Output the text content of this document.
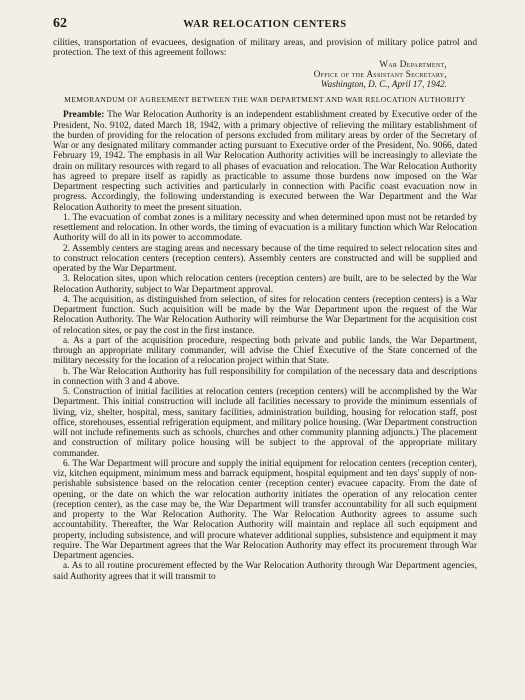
62	WAR RELOCATION CENTERS

cilities, transportation of evacuees, designation of military areas, and provision of military police patrol and protection. The text of this agreement follows:

War Department,
Office of the Assistant Secretary,
Washington, D. C., April 17, 1942.
MEMORANDUM OF AGREEMENT BETWEEN THE WAR DEPARTMENT AND WAR RELOCATION AUTHORITY

Preamble: The War Relocation Authority is an independent establishment created by Executive order of the President, No. 9102, dated March 18, 1942, with a primary objective of relieving the military establishment of the burden of providing for the relocation of persons excluded from military areas by order of the Secretary of War or any designated military commander acting pursuant to Executive order of the President, No. 9066, dated February 19, 1942. The emphasis in all War Relocation Authority activities will be increasingly to alleviate the drain on military resources with regard to all phases of evacuation and relocation. The War Relocation Authority has agreed to prepare itself as rapidly as practicable to assume those burdens now imposed on the War Department respecting such activities and particularly in connection with Pacific coast evacuation now in progress. Accordingly, the following understanding is executed between the War Department and the War Relocation Authority to meet the present situation.

1. The evacuation of combat zones is a military necessity and when determined upon must not be retarded by resettlement and relocation. In other words, the timing of evacuation is a military function which War Relocation Authority will do all in its power to accommodate.

2. Assembly centers are staging areas and necessary because of the time required to select relocation sites and to construct relocation centers (reception centers). Assembly centers are constructed and will be supplied and operated by the War Department.

3. Relocation sites, upon which relocation centers (reception centers) are built, are to be selected by the War Relocation Authority, subject to War Department approval.

4. The acquisition, as distinguished from selection, of sites for relocation centers (reception centers) is a War Department function. Such acquisition will be made by the War Department upon the request of the War Relocation Authority. The War Relocation Authority will reimburse the War Department for the acquisition cost of relocation sites, or pay the cost in the first instance.

a. As a part of the acquisition procedure, respecting both private and public lands, the War Department, through an appropriate military commander, will advise the Chief Executive of the State concerned of the military necessity for the location of a relocation project within that State.

b. The War Relocation Authority has full responsibility for compilation of the necessary data and descriptions in connection with 3 and 4 above.

5. Construction of initial facilities at relocation centers (reception centers) will be accomplished by the War Department. This initial construction will include all facilities necessary to provide the minimum essentials of living, viz, shelter, hospital, mess, sanitary facilities, administration building, housing for relocation staff, post office, storehouses, essential refrigeration equipment, and military police housing. (War Department construction will not include refinements such as schools, churches and other community planning adjuncts.) The placement and construction of military police housing will be subject to the approval of the appropriate military commander.

6. The War Department will procure and supply the initial equipment for relocation centers (reception center), viz, kitchen equipment, minimum mess and barrack equipment, hospital equipment and ten days' supply of non-perishable subsistence based on the relocation center (reception center) evacuee capacity. From the date of opening, or the date on which the war relocation authority initiates the operation of any relocation center (reception center), as the case may be, the War Department will transfer accountability for all such equipment and property to the War Relocation Authority. The War Relocation Authority agrees to assume such accountability. Thereafter, the War Relocation Authority will maintain and replace all such equipment and property, including subsistence, and will procure whatever additional supplies, subsistence and equipment it may require. The War Department agrees that the War Relocation Authority may effect its procurement through War Department agencies.

a. As to all routine procurement effected by the War Relocation Authority through War Department agencies, said Authority agrees that it will transmit to
